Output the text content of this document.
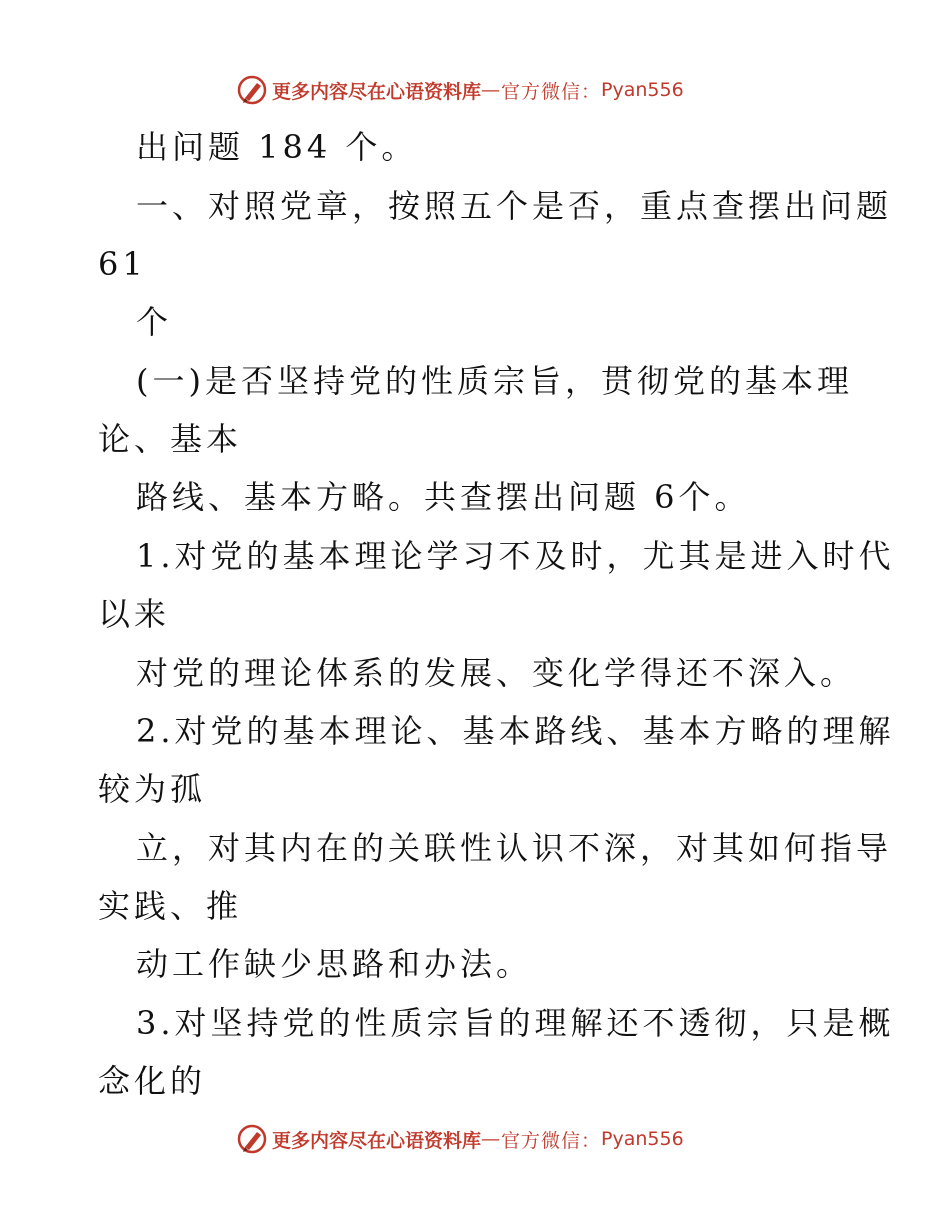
更多内容尽在心语资料库 — 官方微信： Pyan556
出问题 184 个。
一、对照党章，按照五个是否，重点查摆出问题
61
个
(一)是否坚持党的性质宗旨，贯彻党的基本理
论、基本
路线、基本方略。共查摆出问题 6个。
1.对党的基本理论学习不及时，尤其是进入时代
以来
对党的理论体系的发展、变化学得还不深入。
2.对党的基本理论、基本路线、基本方略的理解
较为孤
立，对其内在的关联性认识不深，对其如何指导
实践、推
动工作缺少思路和办法。
3.对坚持党的性质宗旨的理解还不透彻，只是概
念化的
更多内容尽在心语资料库 — 官方微信： Pyan556
